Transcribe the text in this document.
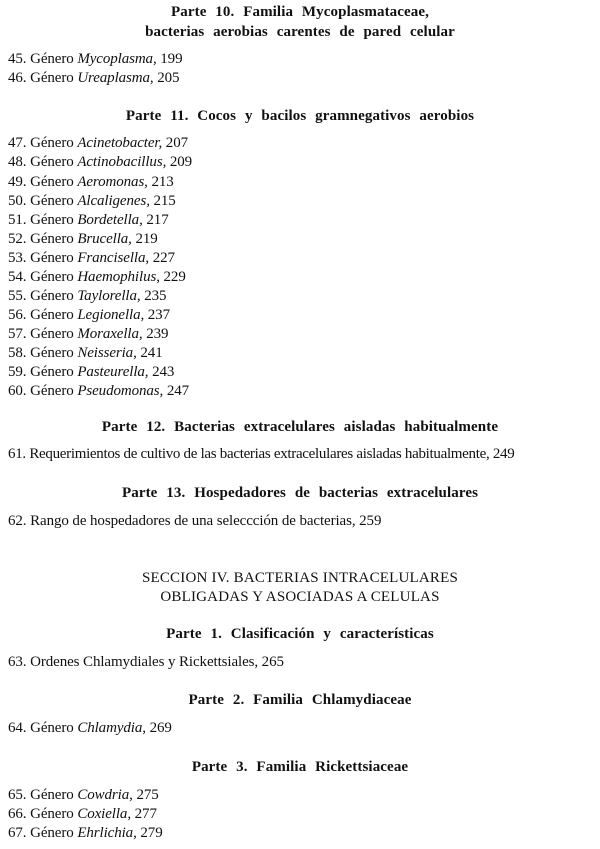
Parte 10. Familia Mycoplasmataceae,
bacterias aerobias carentes de pared celular
45. Género Mycoplasma, 199
46. Género Ureaplasma, 205
Parte 11. Cocos y bacilos gramnegativos aerobios
47. Género Acinetobacter, 207
48. Género Actinobacillus, 209
49. Género Aeromonas, 213
50. Género Alcaligenes, 215
51. Género Bordetella, 217
52. Género Brucella, 219
53. Género Francisella, 227
54. Género Haemophilus, 229
55. Género Taylorella, 235
56. Género Legionella, 237
57. Género Moraxella, 239
58. Género Neisseria, 241
59. Género Pasteurella, 243
60. Género Pseudomonas, 247
Parte 12. Bacterias extracelulares aisladas habitualmente
61. Requerimientos de cultivo de las bacterias extracelulares aisladas habitualmente, 249
Parte 13. Hospedadores de bacterias extracelulares
62. Rango de hospedadores de una seleccción de bacterias, 259
SECCION IV. BACTERIAS INTRACELULARES
OBLIGADAS Y ASOCIADAS A CELULAS
Parte 1. Clasificación y características
63. Ordenes Chlamydiales y Rickettsiales, 265
Parte 2. Familia Chlamydiaceae
64. Género Chlamydia, 269
Parte 3. Familia Rickettsiaceae
65. Género Cowdria, 275
66. Género Coxiella, 277
67. Género Ehrlichia, 279
